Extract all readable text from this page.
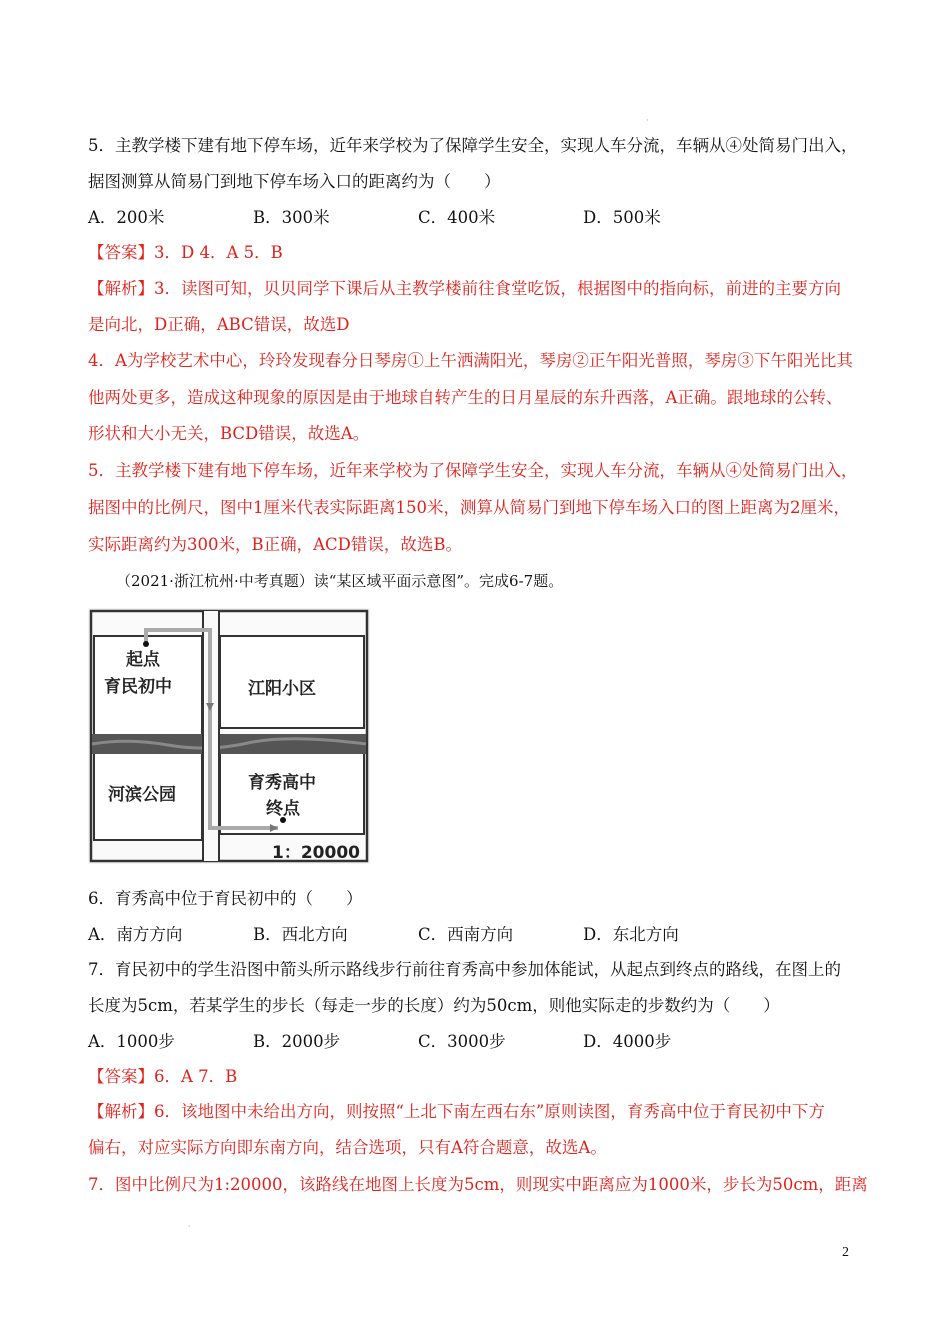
·
5．主教学楼下建有地下停车场，近年来学校为了保障学生安全，实现人车分流，车辆从④处简易门出入，
据图测算从简易门到地下停车场入口的距离约为（　　）
A．200米	B．300米	C．400米	D．500米
【答案】3．D 4．A 5．B
【解析】3．读图可知，贝贝同学下课后从主教学楼前往食堂吃饭，根据图中的指向标，前进的主要方向
是向北，D正确，ABC错误，故选D
4．A为学校艺术中心，玲玲发现春分日琴房①上午洒满阳光，琴房②正午阳光普照，琴房③下午阳光比其
他两处更多，造成这种现象的原因是由于地球自转产生的日月星辰的东升西落，A正确。跟地球的公转、
形状和大小无关，BCD错误，故选A。
5．主教学楼下建有地下停车场，近年来学校为了保障学生安全，实现人车分流，车辆从④处简易门出入，
据图中的比例尺，图中1厘米代表实际距离150米，测算从简易门到地下停车场入口的图上距离为2厘米，
实际距离约为300米，B正确，ACD错误，故选B。
（2021·浙江杭州·中考真题）读“某区域平面示意图”。完成6-7题。
起点
育民初中	江阳小区
河滨公园
育秀高中
终点
1：20000
6．育秀高中位于育民初中的（　　）
A．南方方向	B．西北方向	C．西南方向	D．东北方向
7．育民初中的学生沿图中箭头所示路线步行前往育秀高中参加体能试，从起点到终点的路线，在图上的
长度为5cm，若某学生的步长（每走一步的长度）约为50cm，则他实际走的步数约为（　　）
A．1000步	B．2000步	C．3000步	D．4000步
【答案】6．A 7．B
【解析】6．该地图中未给出方向，则按照“上北下南左西右东”原则读图，育秀高中位于育民初中下方
偏右，对应实际方向即东南方向，结合选项，只有A符合题意，故选A。
7．图中比例尺为1:20000，该路线在地图上长度为5cm，则现实中距离应为1000米，步长为50cm，距离
·
2
